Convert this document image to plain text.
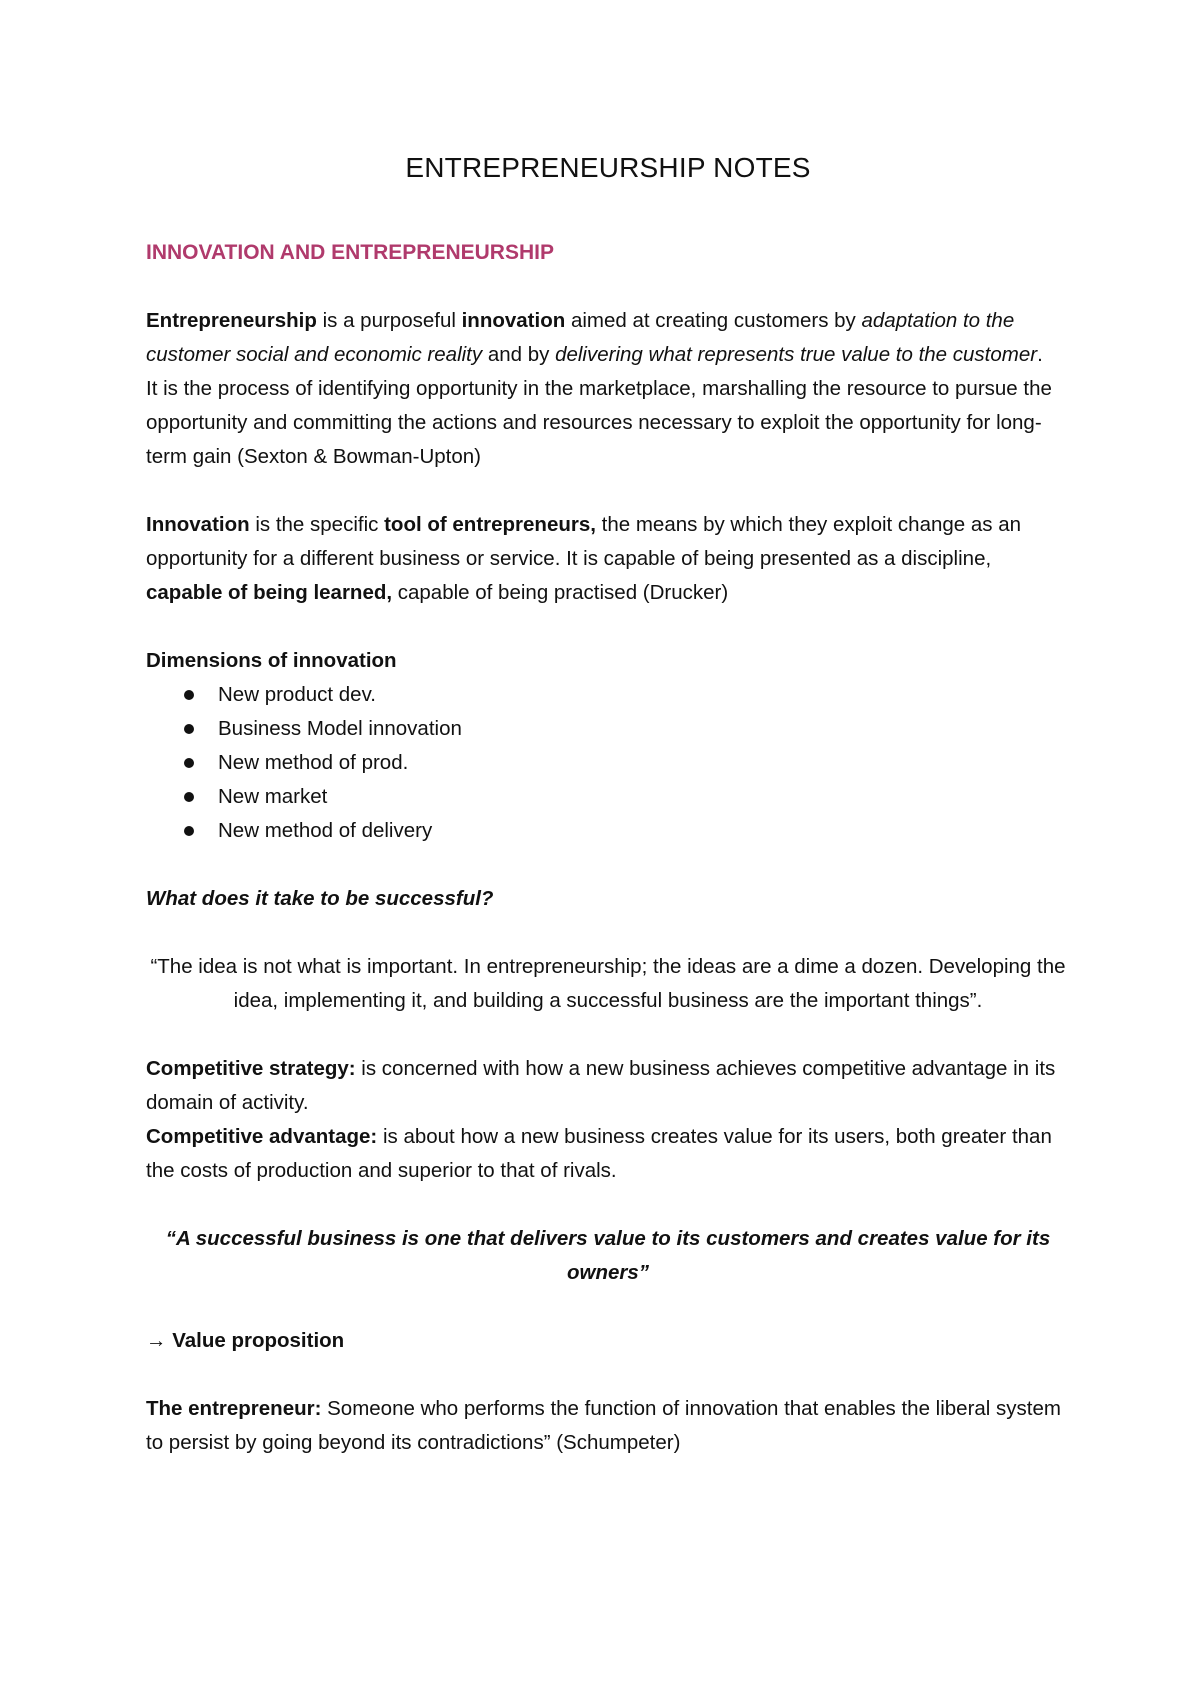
ENTREPRENEURSHIP NOTES
INNOVATION AND ENTREPRENEURSHIP

Entrepreneurship is a purposeful innovation aimed at creating customers by adaptation to the customer social and economic reality and by delivering what represents true value to the customer.

It is the process of identifying opportunity in the marketplace, marshalling the resource to pursue the opportunity and committing the actions and resources necessary to exploit the opportunity for long-term gain (Sexton & Bowman-Upton)

Innovation is the specific tool of entrepreneurs, the means by which they exploit change as an opportunity for a different business or service. It is capable of being presented as a discipline, capable of being learned, capable of being practised (Drucker)

Dimensions of innovation

New product dev.
Business Model innovation
New method of prod.
New market
New method of delivery

What does it take to be successful?

“The idea is not what is important. In entrepreneurship; the ideas are a dime a dozen. Developing the idea, implementing it, and building a successful business are the important things”.

Competitive strategy: is concerned with how a new business achieves competitive advantage in its domain of activity.

Competitive advantage: is about how a new business creates value for its users, both greater than the costs of production and superior to that of rivals.

“A successful business is one that delivers value to its customers and creates value for its owners”

→ Value proposition

The entrepreneur: Someone who performs the function of innovation that enables the liberal system to persist by going beyond its contradictions” (Schumpeter)
